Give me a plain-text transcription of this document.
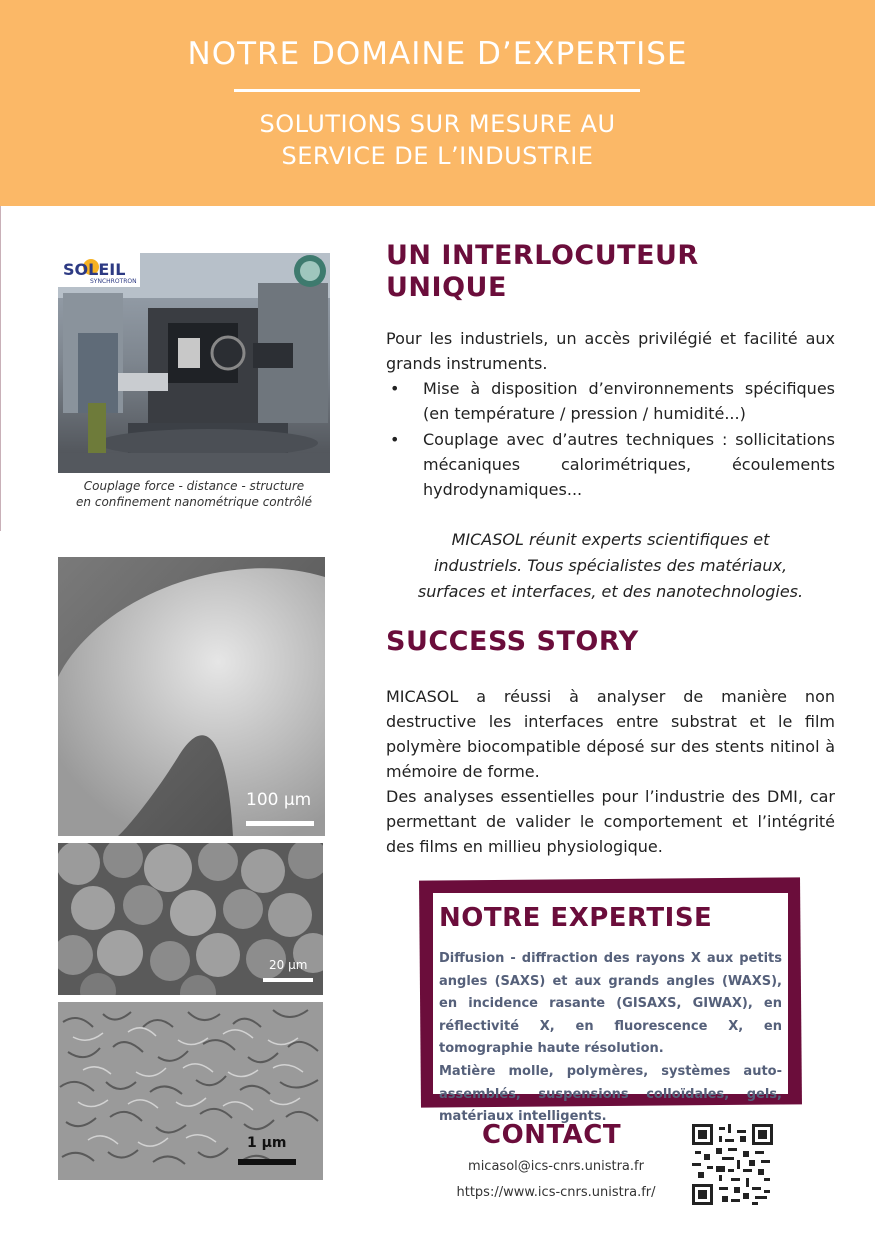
NOTRE DOMAINE D’EXPERTISE
SOLUTIONS SUR MESURE AU
SERVICE DE L’INDUSTRIE
SOLEIL
SYNCHROTRON
Couplage force - distance - structure
en confinement nanométrique contrôlé
100 µm
20 µm
1 µm
UN INTERLOCUTEUR
UNIQUE
Pour les industriels, un accès privilégié et facilité aux grands instruments.
• Mise à disposition d’environnements spécifiques (en température / pression / humidité...)
• Couplage avec d’autres techniques : sollicitations mécaniques calorimétriques, écoulements hydrodynamiques...
MICASOL réunit experts scientifiques et
industriels. Tous spécialistes des matériaux,
surfaces et interfaces, et des nanotechnologies.
SUCCESS STORY
MICASOL a réussi à analyser de manière non destructive les interfaces entre substrat et le film polymère biocompatible déposé sur des stents nitinol à mémoire de forme.
Des analyses essentielles pour l’industrie des DMI, car permettant de valider le comportement et l’intégrité des films en millieu physiologique.
NOTRE EXPERTISE
Diffusion - diffraction des rayons X aux petits angles (SAXS) et aux grands angles (WAXS), en incidence rasante (GISAXS, GIWAX), en réflectivité X, en fluorescence X, en tomographie haute résolution.
Matière molle, polymères, systèmes auto-assemblés, suspensions colloïdales, gels, matériaux intelligents.
CONTACT
micasol@ics-cnrs.unistra.fr
https://www.ics-cnrs.unistra.fr/
